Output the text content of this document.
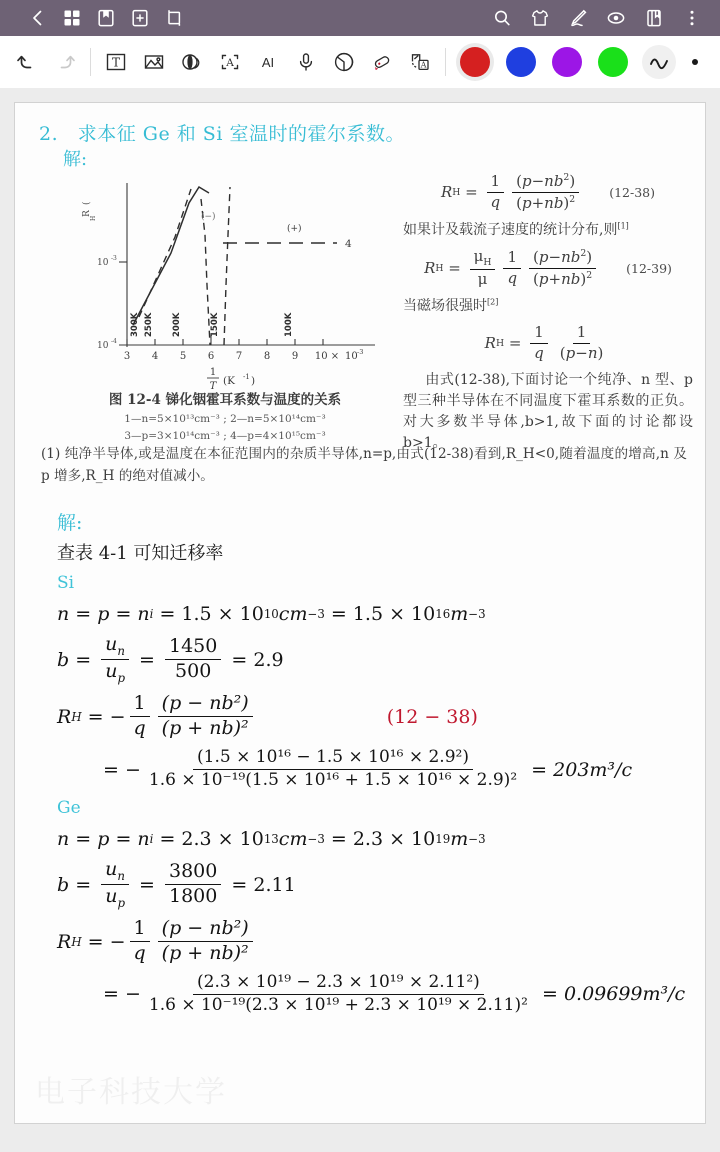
T	A AI	A
2. 求本征 Ge 和 Si 室温时的霍尔系数。
解:
R
H
(
10 -3
10 -4
3 4 5 6 7 8 9 10 × 10 -3
1
T (K -1 )
4
(+)
(−)
300K 250K 200K	150K	100K
图 12-4 锑化铟霍耳系数与温度的关系
1—n=5×10¹³cm⁻³ ; 2—n=5×10¹⁴cm⁻³
3—p=3×10¹⁴cm⁻³ ; 4—p=4×10¹⁵cm⁻³
R $H = \frac{1}{q} \frac{(p-nb^2)}{(p+nb)^2} (12-38)$
如果计及载流子速度的统计分布,则[1]
R $H = \frac{\mu_H}{\mu} \frac{1}{q} \frac{(p-nb^2)}{(p+nb)^2} (12-39)$
当磁场很强时[2]
R $H = \frac{1}{q} \frac{1}{(p-n)}$
由式(12-38),下面讨论一个纯净、n 型、p 型三种半导体在不同温度下霍耳系数的正负。对大多数半导体,b>1,故下面的讨论都设 b>1。
(1) 纯净半导体,或是温度在本征范围内的杂质半导体,n=p,由式(12-38)看到,R_H<0,随着温度的增高,n 及 p 增多,R_H 的绝对值减小。
解:
查表 4-1 可知迁移率
Si
n = p = n i = 1.5 × 10 10 cm −3 = 1.5 × 10 16 m −3
$b = \frac{u_n}{u_p} = \frac{1450}{500} = 2.9$
R H = − $\frac{1}{q} \frac{\text{(p − nb²)}}{\text{(p + nb)²}}$	(12 − 38)
= − $\frac{\text{(1.5 × 10¹⁶ − 1.5 × 10¹⁶ × 2.9²)}}{\text{1.6 × 10⁻¹⁹(1.5 × 10¹⁶ + 1.5 × 10¹⁶ × 2.9)²}} = 203m^3/c$
Ge
n = p = n i = 2.3 × 10 13 cm −3 = 2.3 × 10 19 m −3
$b = \frac{u_n}{u_p} = \frac{3800}{1800} = 2.11$
R H = − $\frac{1}{q} \frac{\text{(p − nb²)}}{\text{(p + nb)²}}$
= − $\frac{\text{(2.3 × 10¹⁹ − 2.3 × 10¹⁹ × 2.11²)}}{\text{1.6 × 10⁻¹⁹(2.3 × 10¹⁹ + 2.3 × 10¹⁹ × 2.11)²}} = 0.09699m^3/c$
电子科技大学
